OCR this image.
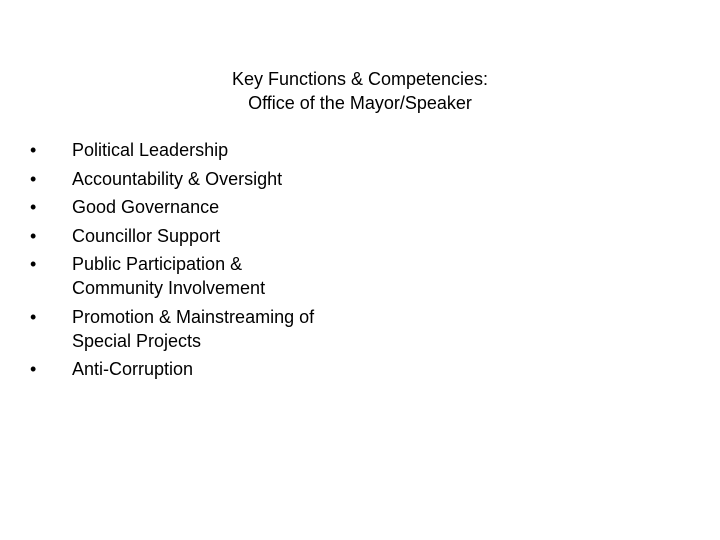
Key Functions & Competencies:
Office of the Mayor/Speaker
•	Political Leadership
•	Accountability & Oversight
•	Good Governance
•	Councillor Support
•	Public Participation & Community Involvement
•	Promotion & Mainstreaming of Special Projects
•	Anti-Corruption
